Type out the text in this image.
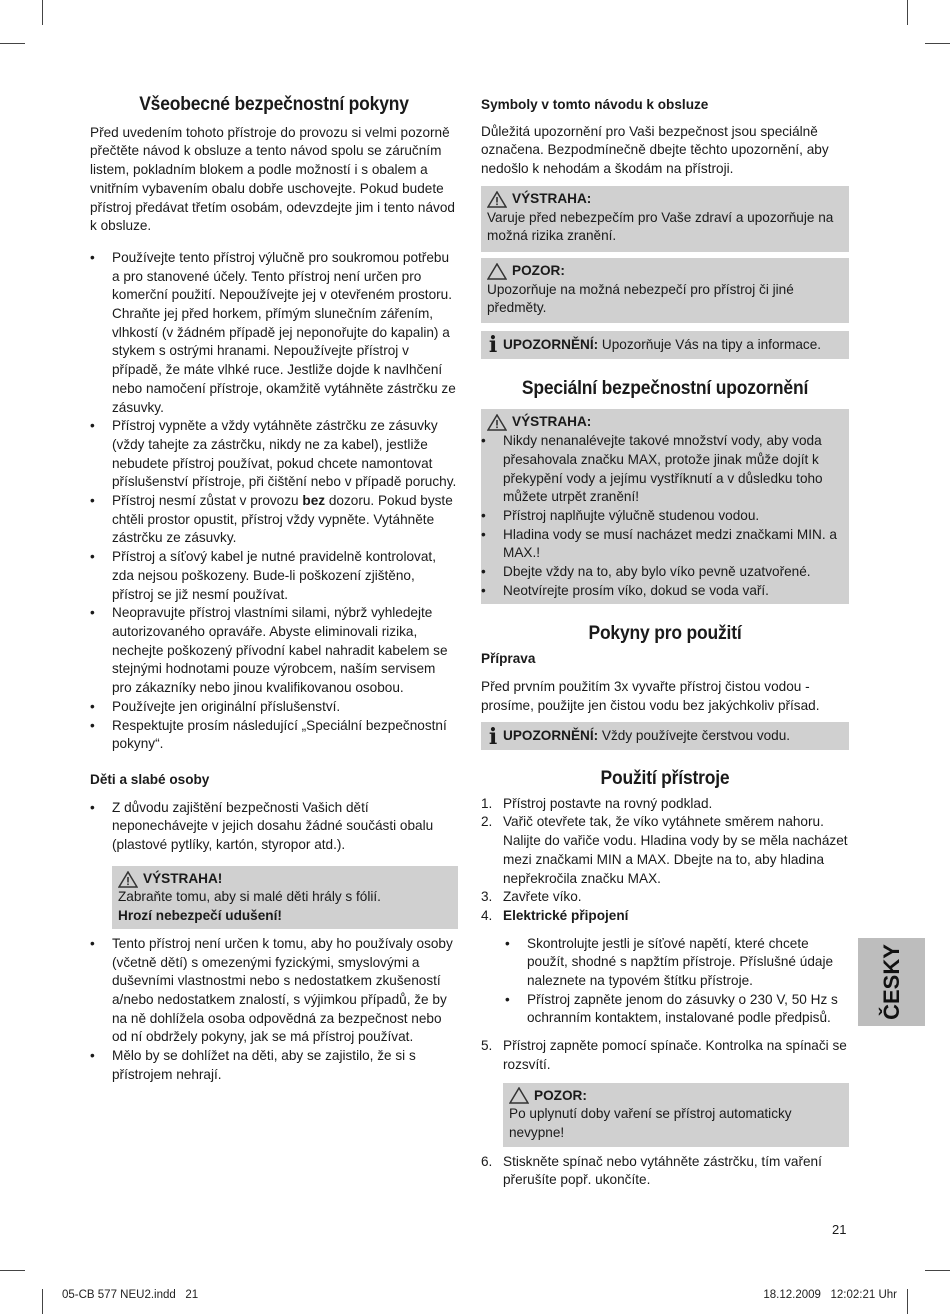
Všeobecné bezpečnostní pokyny

Před uvedením tohoto přístroje do provozu si velmi pozorně přečtěte návod k obsluze a tento návod spolu se záručním listem, pokladním blokem a podle možností i s obalem a vnitřním vybavením obalu dobře uschovejte. Pokud budete přístroj předávat třetím osobám, odevzdejte jim i tento návod k obsluze.

• Používejte tento přístroj výlučně pro soukromou potřebu a pro stanovené účely. Tento přístroj není určen pro komerční použití. Nepoužívejte jej v otevřeném prostoru. Chraňte jej před horkem, přímým slunečním zářením, vlhkostí (v žádném případě jej neponořujte do kapalin) a stykem s ostrými hranami. Nepoužívejte přístroj v případě, že máte vlhké ruce. Jestliže dojde k navlhčení nebo namočení přístroje, okamžitě vytáhněte zástrčku ze zásuvky.
• Přístroj vypněte a vždy vytáhněte zástrčku ze zásuvky (vždy tahejte za zástrčku, nikdy ne za kabel), jestliže nebudete přístroj používat, pokud chcete namontovat příslušenství přístroje, při čištění nebo v případě poruchy.
• Přístroj nesmí zůstat v provozu bez dozoru. Pokud byste chtěli prostor opustit, přístroj vždy vypněte. Vytáhněte zástrčku ze zásuvky.
• Přístroj a síťový kabel je nutné pravidelně kontrolovat, zda nejsou poškozeny. Bude-li poškození zjištěno, přístroj se již nesmí používat.
• Neopravujte přístroj vlastními silami, nýbrž vyhledejte autorizovaného opraváře. Abyste eliminovali rizika, nechejte poškozený přívodní kabel nahradit kabelem se stejnými hodnotami pouze výrobcem, naším servisem pro zákazníky nebo jinou kvalifikovanou osobou.
• Používejte jen originální příslušenství.
• Respektujte prosím následující „Speciální bezpečnostní pokyny“.
Děti a slabé osoby
• Z důvodu zajištění bezpečnosti Vašich dětí neponechávejte v jejich dosahu žádné součásti obalu (plastové pytlíky, kartón, styropor atd.).
VÝSTRAHA!
Zabraňte tomu, aby si malé děti hrály s fólií.
Hrozí nebezpečí udušení!
• Tento přístroj není určen k tomu, aby ho používaly osoby (včetně dětí) s omezenými fyzickými, smyslovými a duševními vlastnostmi nebo s nedostatkem zkušeností a/nebo nedostatkem znalostí, s výjimkou případů, že by na ně dohlížela osoba odpovědná za bezpečnost nebo od ní obdržely pokyny, jak se má přístroj používat.
• Mělo by se dohlížet na děti, aby se zajistilo, že si s přístrojem nehrají.
Symboly v tomto návodu k obsluze

Důležitá upozornění pro Vaši bezpečnost jsou speciálně označena. Bezpodmínečně dbejte těchto upozornění, aby nedošlo k nehodám a škodám na přístroji.

VÝSTRAHA:
Varuje před nebezpečím pro Vaše zdraví a upozorňuje na možná rizika zranění.
POZOR:
Upozorňuje na možná nebezpečí pro přístroj či jiné předměty.
i UPOZORNĚNÍ: Upozorňuje Vás na tipy a informace.
Speciální bezpečnostní upozornění
VÝSTRAHA:
• Nikdy nenanalévejte takové množství vody, aby voda přesahovala značku MAX, protože jinak může dojít k překypění vody a jejímu vystříknutí a v důsledku toho můžete utrpět zranění!
• Přístroj naplňujte výlučně studenou vodou.
• Hladina vody se musí nacházet medzi značkami MIN. a MAX.!
• Dbejte vždy na to, aby bylo víko pevně uzatvořené.
• Neotvírejte prosím víko, dokud se voda vaří.
Pokyny pro použití
Příprava

Před prvním použitím 3x vyvařte přístroj čistou vodou - prosíme, použijte jen čistou vodu bez jakýchkoliv přísad.

i UPOZORNĚNÍ: Vždy používejte čerstvou vodu.
Použití přístroje
1. Přístroj postavte na rovný podklad.
2. Vařič otevřete tak, že víko vytáhnete směrem nahoru. Nalijte do vařiče vodu. Hladina vody by se měla nacházet mezi značkami MIN a MAX. Dbejte na to, aby hladina nepřekročila značku MAX.
3. Zavřete víko.
4. Elektrické připojení
• Skontrolujte jestli je síťové napětí, které chcete použít, shodné s napžtím přístroje. Příslušné údaje naleznete na typovém štítku přístroje.
• Přístroj zapněte jenom do zásuvky o 230 V, 50 Hz s ochranním kontaktem, instalované podle předpisů.
5. Přístroj zapněte pomocí spínače. Kontrolka na spínači se rozsvítí.
POZOR:
Po uplynutí doby vaření se přístroj automaticky nevypne!
6. Stiskněte spínač nebo vytáhněte zástrčku, tím vaření přerušíte popř. ukončíte.
ČESKY
21
05-CB 577 NEU2.indd   21	18.12.2009   12:02:21 Uhr
